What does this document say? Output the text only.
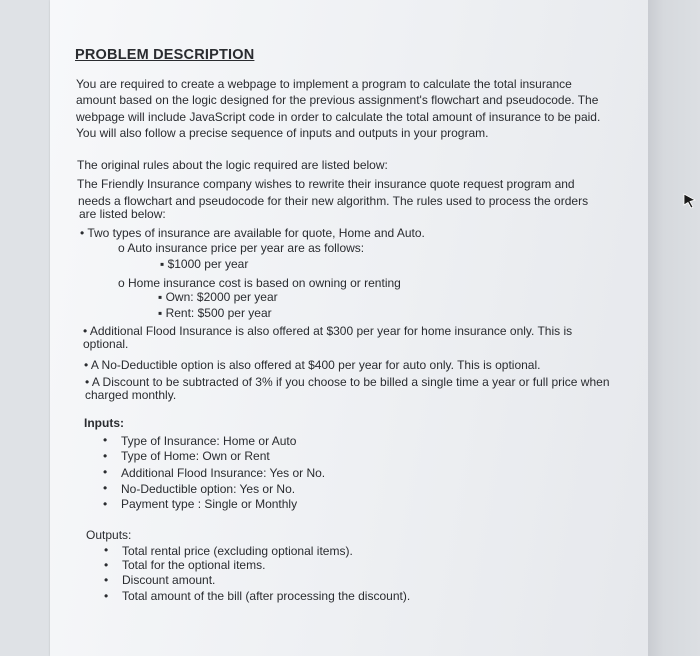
PROBLEM DESCRIPTION
You are required to create a webpage to implement a program to calculate the total insurance
amount based on the logic designed for the previous assignment's flowchart and pseudocode. The
webpage will include JavaScript code in order to calculate the total amount of insurance to be paid.
You will also follow a precise sequence of inputs and outputs in your program.
The original rules about the logic required are listed below:
The Friendly Insurance company wishes to rewrite their insurance quote request program and
needs a flowchart and pseudocode for their new algorithm. The rules used to process the orders
are listed below:
• Two types of insurance are available for quote, Home and Auto.
o Auto insurance price per year are as follows:
▪ $1000 per year
o Home insurance cost is based on owning or renting
▪ Own: $2000 per year
▪ Rent: $500 per year
• Additional Flood Insurance is also offered at $300 per year for home insurance only. This is
optional.
• A No-Deductible option is also offered at $400 per year for auto only. This is optional.
• A Discount to be subtracted of 3% if you choose to be billed a single time a year or full price when
charged monthly.
Inputs:
• Type of Insurance: Home or Auto
• Type of Home: Own or Rent
• Additional Flood Insurance: Yes or No.
• No-Deductible option: Yes or No.
• Payment type : Single or Monthly
Outputs:
• Total rental price (excluding optional items).
• Total for the optional items.
• Discount amount.
• Total amount of the bill (after processing the discount).
